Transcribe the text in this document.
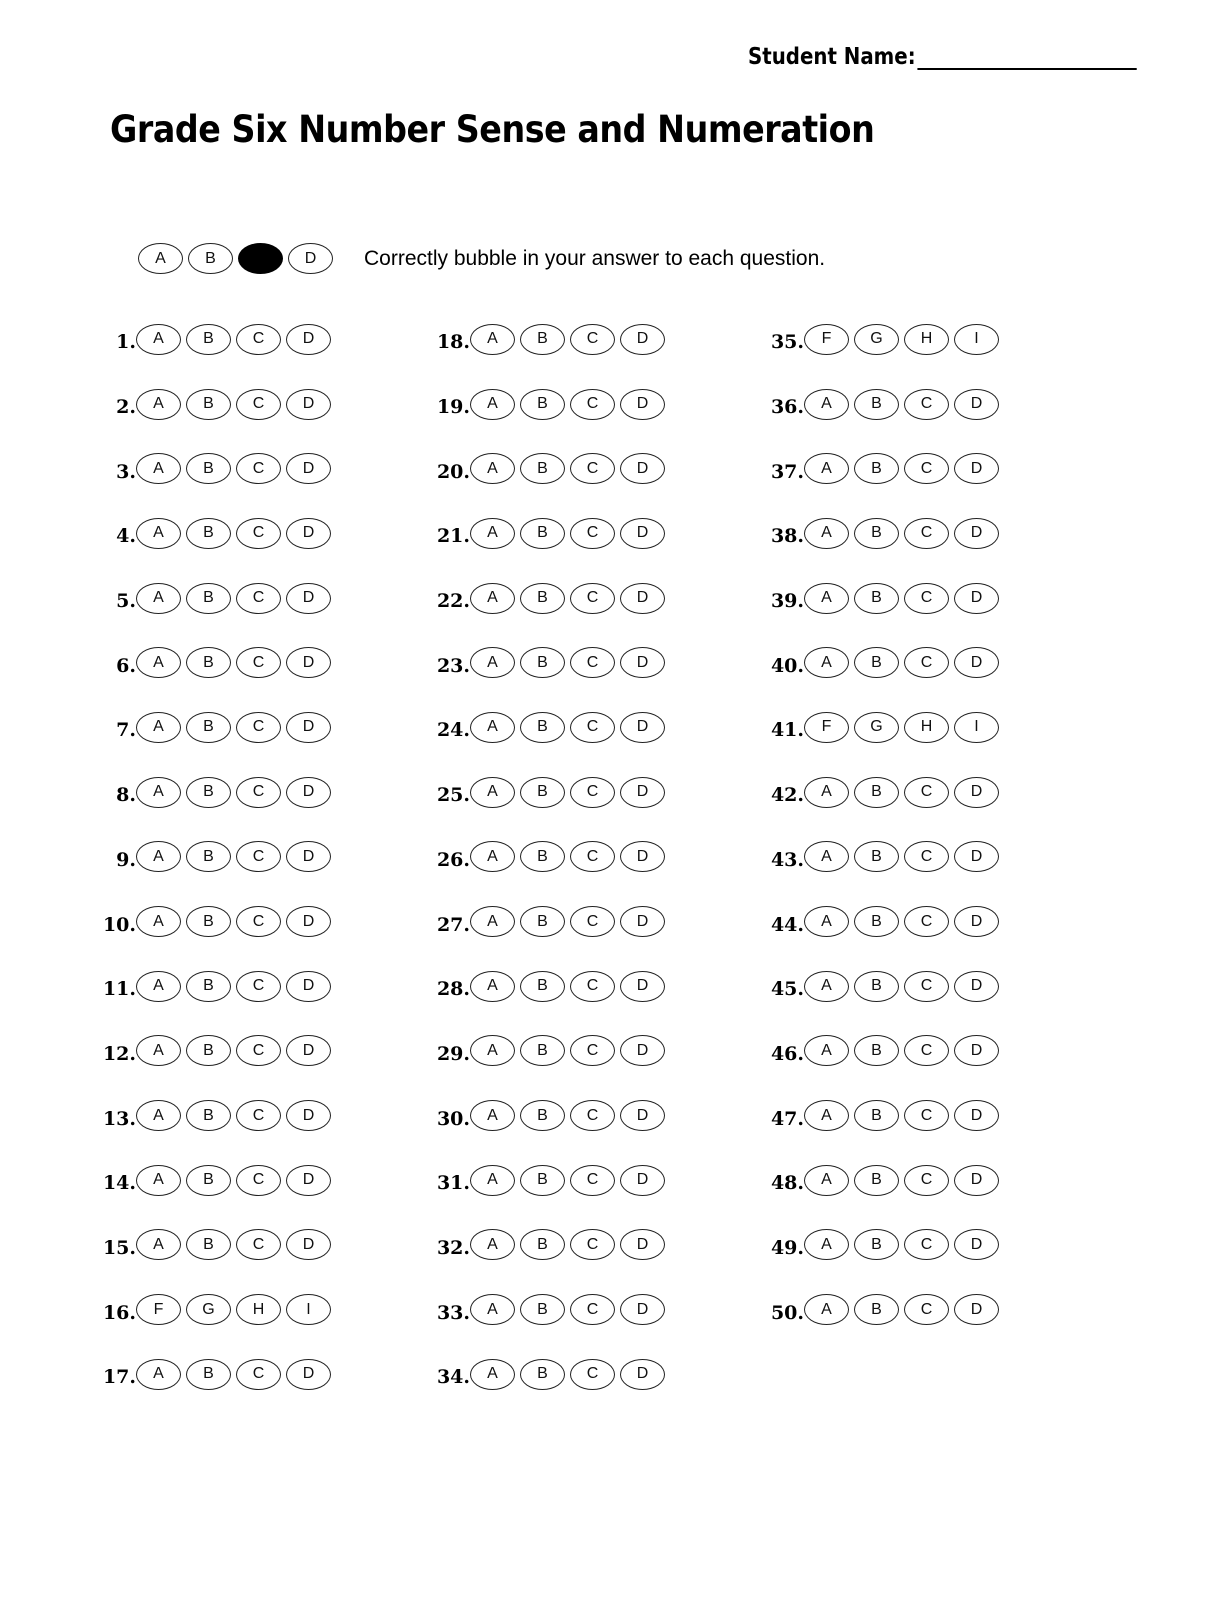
Student Name:
Grade Six Number Sense and Numeration
A	B	D	Correctly bubble in your answer to each question.
1.	A	B	C	D
2.	A	B	C	D
3.	A	B	C	D
4.	A	B	C	D
5.	A	B	C	D
6.	A	B	C	D
7.	A	B	C	D
8.	A	B	C	D
9.	A	B	C	D
10.	A	B	C	D
11.	A	B	C	D
12.	A	B	C	D
13.	A	B	C	D
14.	A	B	C	D
15.	A	B	C	D
16.	F	G	H	I
17.	A	B	C	D
18.	A	B	C	D
19.	A	B	C	D
20.	A	B	C	D
21.	A	B	C	D
22.	A	B	C	D
23.	A	B	C	D
24.	A	B	C	D
25.	A	B	C	D
26.	A	B	C	D
27.	A	B	C	D
28.	A	B	C	D
29.	A	B	C	D
30.	A	B	C	D
31.	A	B	C	D
32.	A	B	C	D
33.	A	B	C	D
34.	A	B	C	D
35.	F	G	H	I
36.	A	B	C	D
37.	A	B	C	D
38.	A	B	C	D
39.	A	B	C	D
40.	A	B	C	D
41.	F	G	H	I
42.	A	B	C	D
43.	A	B	C	D
44.	A	B	C	D
45.	A	B	C	D
46.	A	B	C	D
47.	A	B	C	D
48.	A	B	C	D
49.	A	B	C	D
50.	A	B	C	D
